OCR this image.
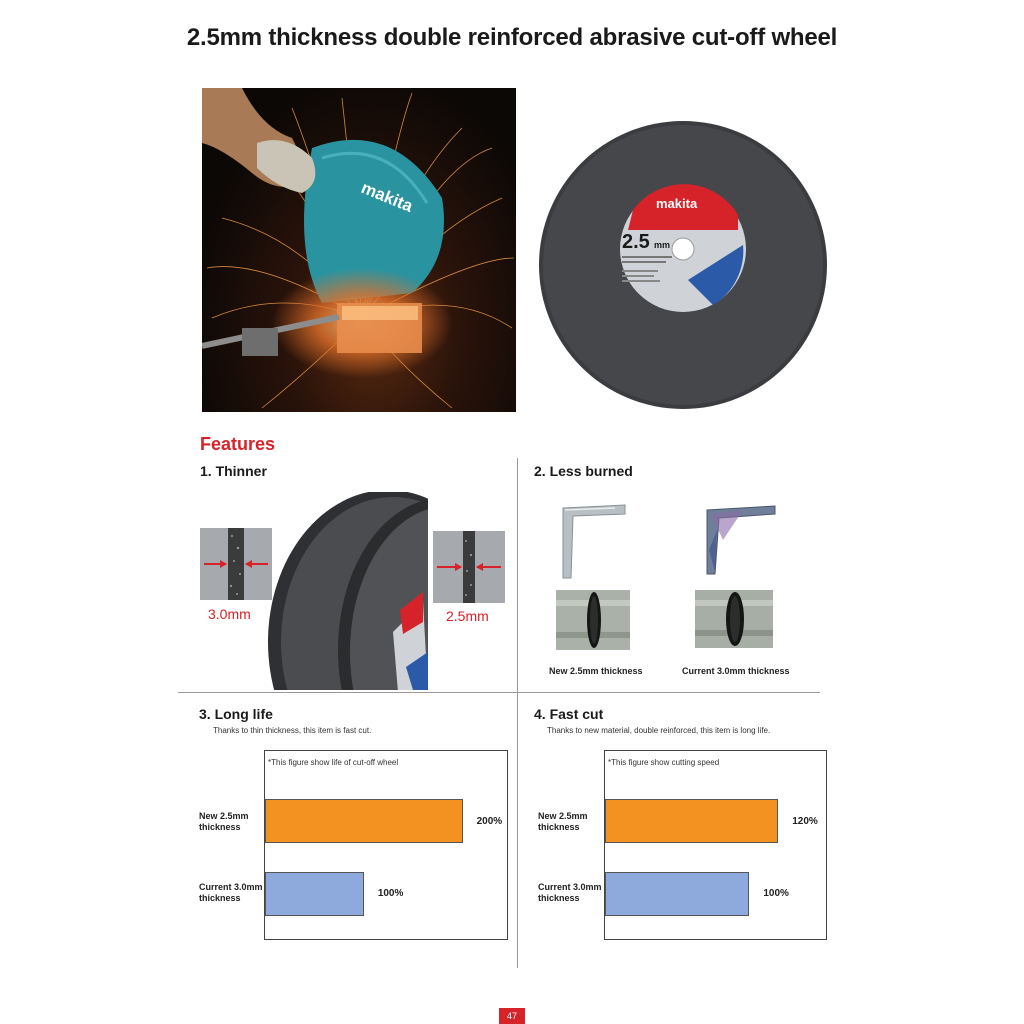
2.5mm thickness double reinforced abrasive cut-off wheel
makita	makita
2.5 mm
Features
1. Thinner
3.0mm	2.5mm
2. Less burned
New 2.5mm thickness	Current 3.0mm thickness
3. Long life
Thanks to thin thickness, this item is fast cut.
*This figure show life of cut-off wheel
200%
100%
New 2.5mm
thickness
Current 3.0mm
thickness
4. Fast cut
Thanks to new material, double reinforced, this item is long life.
*This figure show cutting speed
120%
100%
New 2.5mm
thickness
Current 3.0mm
thickness
47
